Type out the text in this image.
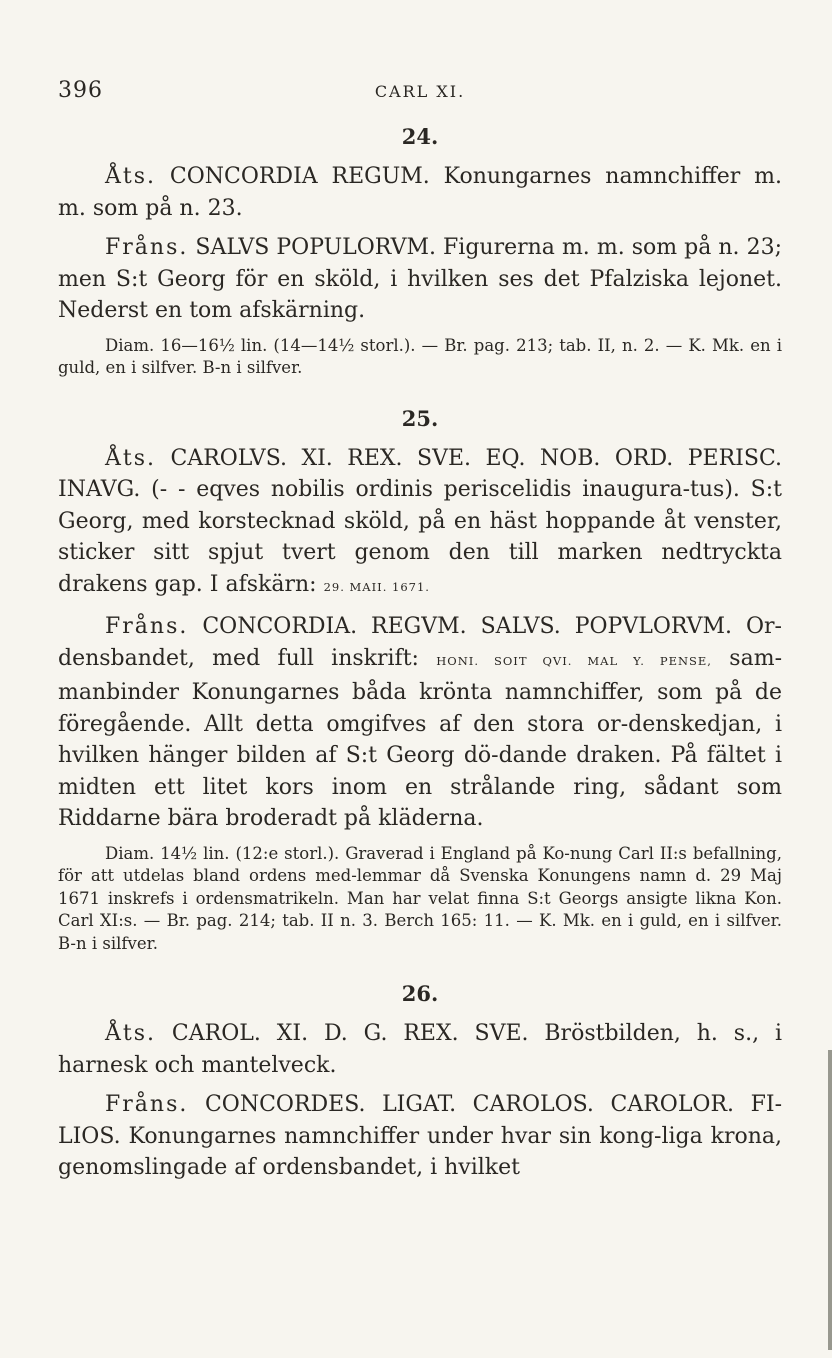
396	CARL XI.
24.

Åts. CONCORDIA REGUM. Konungarnes namnchiffer m. m. som på n. 23.

Fråns. SALVS POPULORVM. Figurerna m. m. som på n. 23; men S:t Georg för en sköld, i hvilken ses det Pfalziska lejonet. Nederst en tom afskärning.

Diam. 16—16½ lin. (14—14½ storl.). — Br. pag. 213; tab. II, n. 2. — K. Mk. en i guld, en i silfver. B-n i silfver.

25.

Åts. CAROLVS. XI. REX. SVE. EQ. NOB. ORD. PERISC. INAVG. (- - eqves nobilis ordinis periscelidis inaugura-tus). S:t Georg, med korstecknad sköld, på en häst hoppande åt venster, sticker sitt spjut tvert genom den till marken nedtryckta drakens gap. I afskärn: 29. MAII. 1671.

Fråns. CONCORDIA. REGVM. SALVS. POPVLORVM. Or-densbandet, med full inskrift: HONI. SOIT QVI. MAL Y. PENSE, sam-manbinder Konungarnes båda krönta namnchiffer, som på de föregående. Allt detta omgifves af den stora or-denskedjan, i hvilken hänger bilden af S:t Georg dö-dande draken. På fältet i midten ett litet kors inom en strålande ring, sådant som Riddarne bära broderadt på kläderna.

Diam. 14½ lin. (12:e storl.). Graverad i England på Ko-nung Carl II:s befallning, för att utdelas bland ordens med-lemmar då Svenska Konungens namn d. 29 Maj 1671 inskrefs i ordensmatrikeln. Man har velat finna S:t Georgs ansigte likna Kon. Carl XI:s. — Br. pag. 214; tab. II n. 3. Berch 165: 11. — K. Mk. en i guld, en i silfver. B-n i silfver.

26.

Åts. CAROL. XI. D. G. REX. SVE. Bröstbilden, h. s., i harnesk och mantelveck.

Fråns. CONCORDES. LIGAT. CAROLOS. CAROLOR. FI-LIOS. Konungarnes namnchiffer under hvar sin kong-liga krona, genomslingade af ordensbandet, i hvilket
